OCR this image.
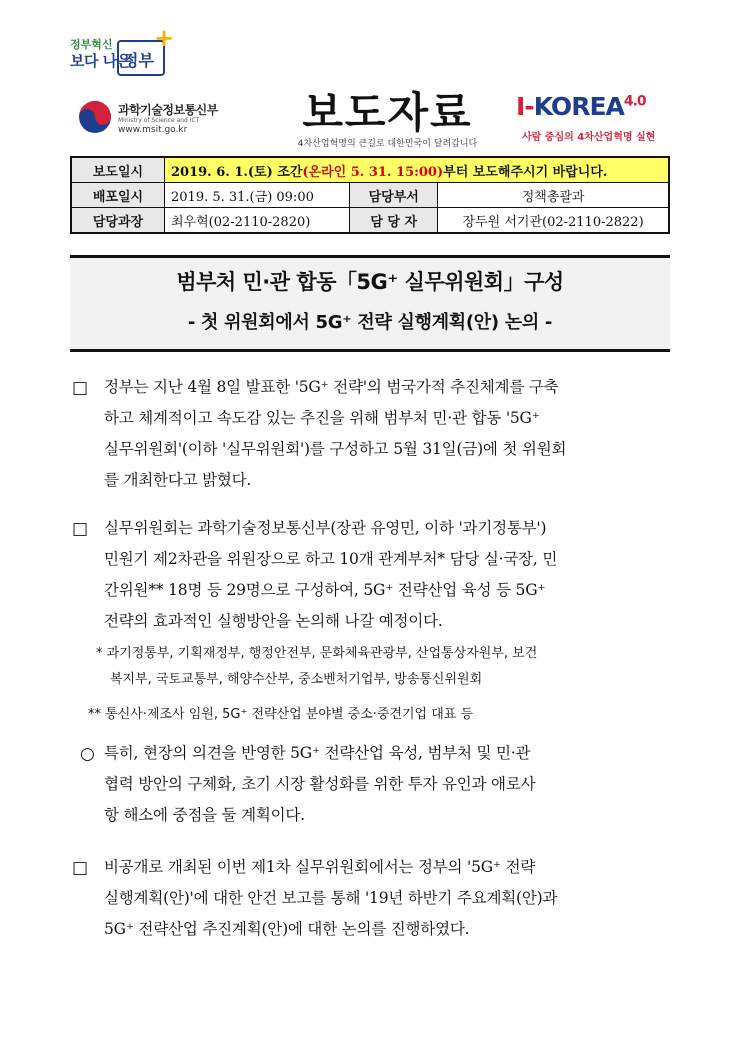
정부혁신
보다 나은
정부
+
과학기술정보통신부
Ministry of Science and ICT
www.msit.go.kr	보도자료
4차산업혁명의 큰길로 대한민국이 달려갑니다
$I-KOREA^{4.0}$
사람 중심의 4차산업혁명 실현
보도일시	2019. 6. 1.(토) 조간(온라인 5. 31. 15:00)부터 보도해주시기 바랍니다.		
배포일시	2019. 5. 31.(금) 09:00	담당부서	정책총괄과
담당과장	최우혁(02-2110-2820)	담 당 자	장두원 서기관(02-2110-2822)
범부처 민·관 합동「5G⁺ 실무위원회」구성
- 첫 위원회에서 5G⁺ 전략 실행계획(안) 논의 -
□ 정부는 지난 4월 8일 발표한 '5G⁺ 전략'의 범국가적 추진체계를 구축
하고 체계적이고 속도감 있는 추진을 위해 범부처 민·관 합동 '5G⁺
실무위원회'(이하 '실무위원회')를 구성하고 5월 31일(금)에 첫 위원회
를 개최한다고 밝혔다.
□ 실무위원회는 과학기술정보통신부(장관 유영민, 이하 '과기정통부')
민원기 제2차관을 위원장으로 하고 10개 관계부처* 담당 실·국장, 민
간위원** 18명 등 29명으로 구성하여, 5G⁺ 전략산업 육성 등 5G⁺
전략의 효과적인 실행방안을 논의해 나갈 예정이다.
* 과기정통부, 기획재정부, 행정안전부, 문화체육관광부, 산업통상자원부, 보건
복지부, 국토교통부, 해양수산부, 중소벤처기업부, 방송통신위원회
** 통신사·제조사 임원, 5G⁺ 전략산업 분야별 중소·중견기업 대표 등
○ 특히, 현장의 의견을 반영한 5G⁺ 전략산업 육성, 범부처 및 민·관
협력 방안의 구체화, 초기 시장 활성화를 위한 투자 유인과 애로사
항 해소에 중점을 둘 계획이다.
□ 비공개로 개최된 이번 제1차 실무위원회에서는 정부의 '5G⁺ 전략
실행계획(안)'에 대한 안건 보고를 통해 '19년 하반기 주요계획(안)과
5G⁺ 전략산업 추진계획(안)에 대한 논의를 진행하였다.
